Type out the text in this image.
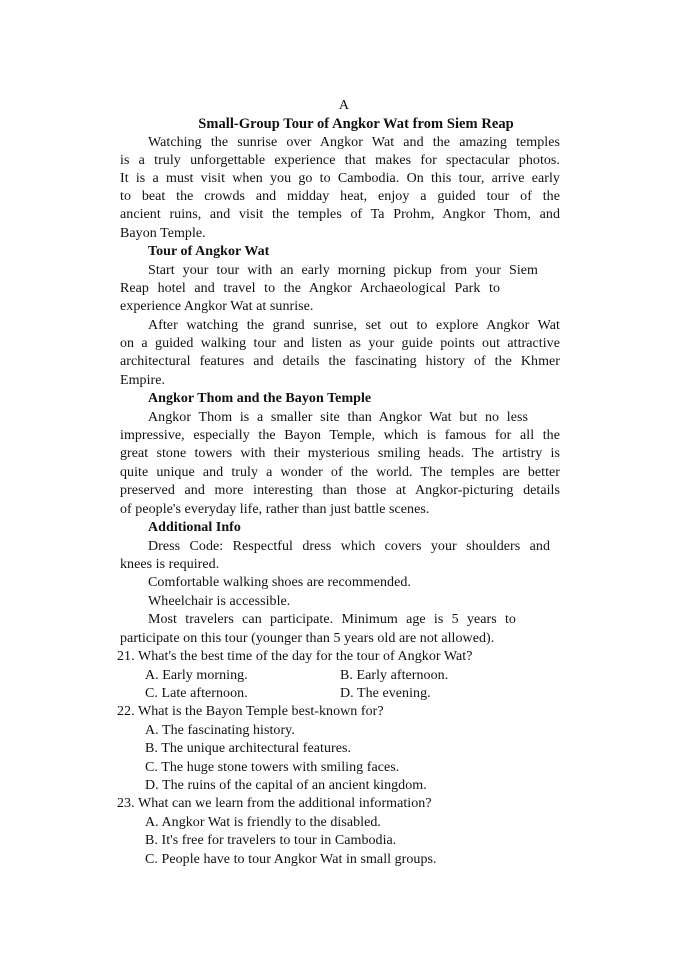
A
Small-Group Tour of Angkor Wat from Siem Reap
Watching the sunrise over Angkor Wat and the amazing temples
is a truly unforgettable experience that makes for spectacular photos.
It is a must visit when you go to Cambodia. On this tour, arrive early
to beat the crowds and midday heat, enjoy a guided tour of the
ancient ruins, and visit the temples of Ta Prohm, Angkor Thom, and
Bayon Temple.
Tour of Angkor Wat
Start your tour with an early morning pickup from your Siem
Reap hotel and travel to the Angkor Archaeological Park to
experience Angkor Wat at sunrise.
After watching the grand sunrise, set out to explore Angkor Wat
on a guided walking tour and listen as your guide points out attractive
architectural features and details the fascinating history of the Khmer
Empire.
Angkor Thom and the Bayon Temple
Angkor Thom is a smaller site than Angkor Wat but no less
impressive, especially the Bayon Temple, which is famous for all the
great stone towers with their mysterious smiling heads. The artistry is
quite unique and truly a wonder of the world. The temples are better
preserved and more interesting than those at Angkor-picturing details
of people's everyday life, rather than just battle scenes.
Additional Info
Dress Code: Respectful dress which covers your shoulders and
knees is required.
Comfortable walking shoes are recommended.
Wheelchair is accessible.
Most travelers can participate. Minimum age is 5 years to
participate on this tour (younger than 5 years old are not allowed).
21. What's the best time of the day for the tour of Angkor Wat?
A. Early morning.	B. Early afternoon.
C. Late afternoon.	D. The evening.
22. What is the Bayon Temple best-known for?
A. The fascinating history.
B. The unique architectural features.
C. The huge stone towers with smiling faces.
D. The ruins of the capital of an ancient kingdom.
23. What can we learn from the additional information?
A. Angkor Wat is friendly to the disabled.
B. It's free for travelers to tour in Cambodia.
C. People have to tour Angkor Wat in small groups.
